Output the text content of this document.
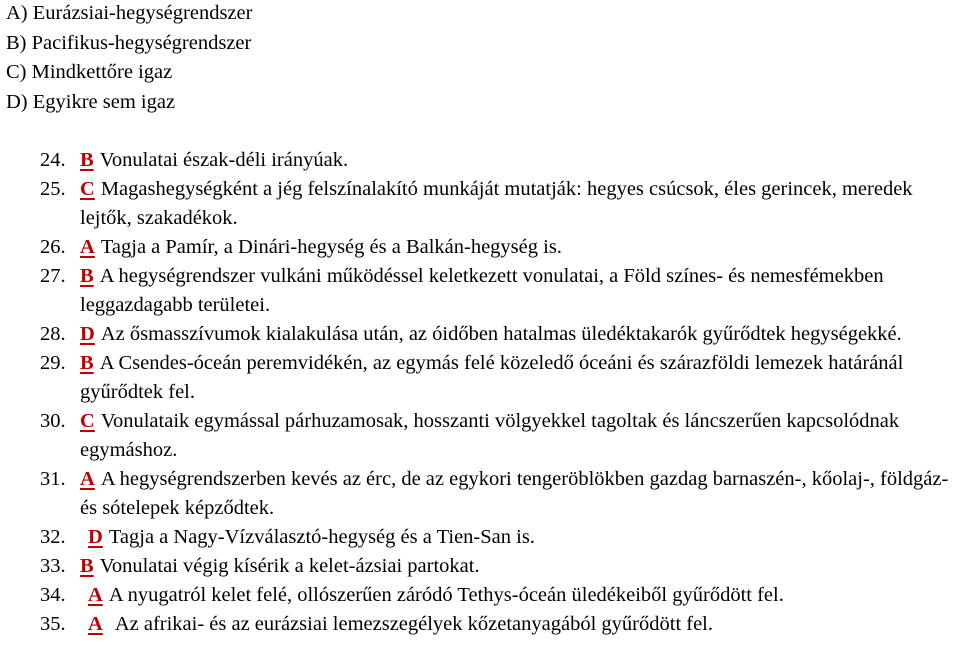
A) Eurázsiai-hegységrendszer
B) Pacifikus-hegységrendszer
C) Mindkettőre igaz
D) Egyikre sem igaz
24. B Vonulatai észak-déli irányúak.
25. C Magashegységként a jég felszínalakító munkáját mutatják: hegyes csúcsok, éles gerincek, meredek lejtők, szakadékok.
26. A Tagja a Pamír, a Dinári-hegység és a Balkán-hegység is.
27. B A hegységrendszer vulkáni működéssel keletkezett vonulatai, a Föld színes- és nemesfémekben leggazdagabb területei.
28. D Az ősmasszívumok kialakulása után, az óidőben hatalmas üledéktakarók gyűrődtek hegységekké.
29. B A Csendes-óceán peremvidékén, az egymás felé közeledő óceáni és szárazföldi lemezek határánál gyűrődtek fel.
30. C Vonulataik egymással párhuzamosak, hosszanti völgyekkel tagoltak és láncszerűen kapcsolódnak egymáshoz.
31. A A hegységrendszerben kevés az érc, de az egykori tengeröblökben gazdag barnaszén-, kőolaj-, földgáz- és sótelepek képződtek.
32.	D Tagja a Nagy-Vízválasztó-hegység és a Tien-San is.
33. B Vonulatai végig kísérik a kelet-ázsiai partokat.
34.	A A nyugatról kelet felé, ollószerűen záródó Tethys-óceán üledékeiből gyűrődött fel.
35.	A Az afrikai- és az eurázsiai lemezszegélyek kőzetanyagából gyűrődött fel.
